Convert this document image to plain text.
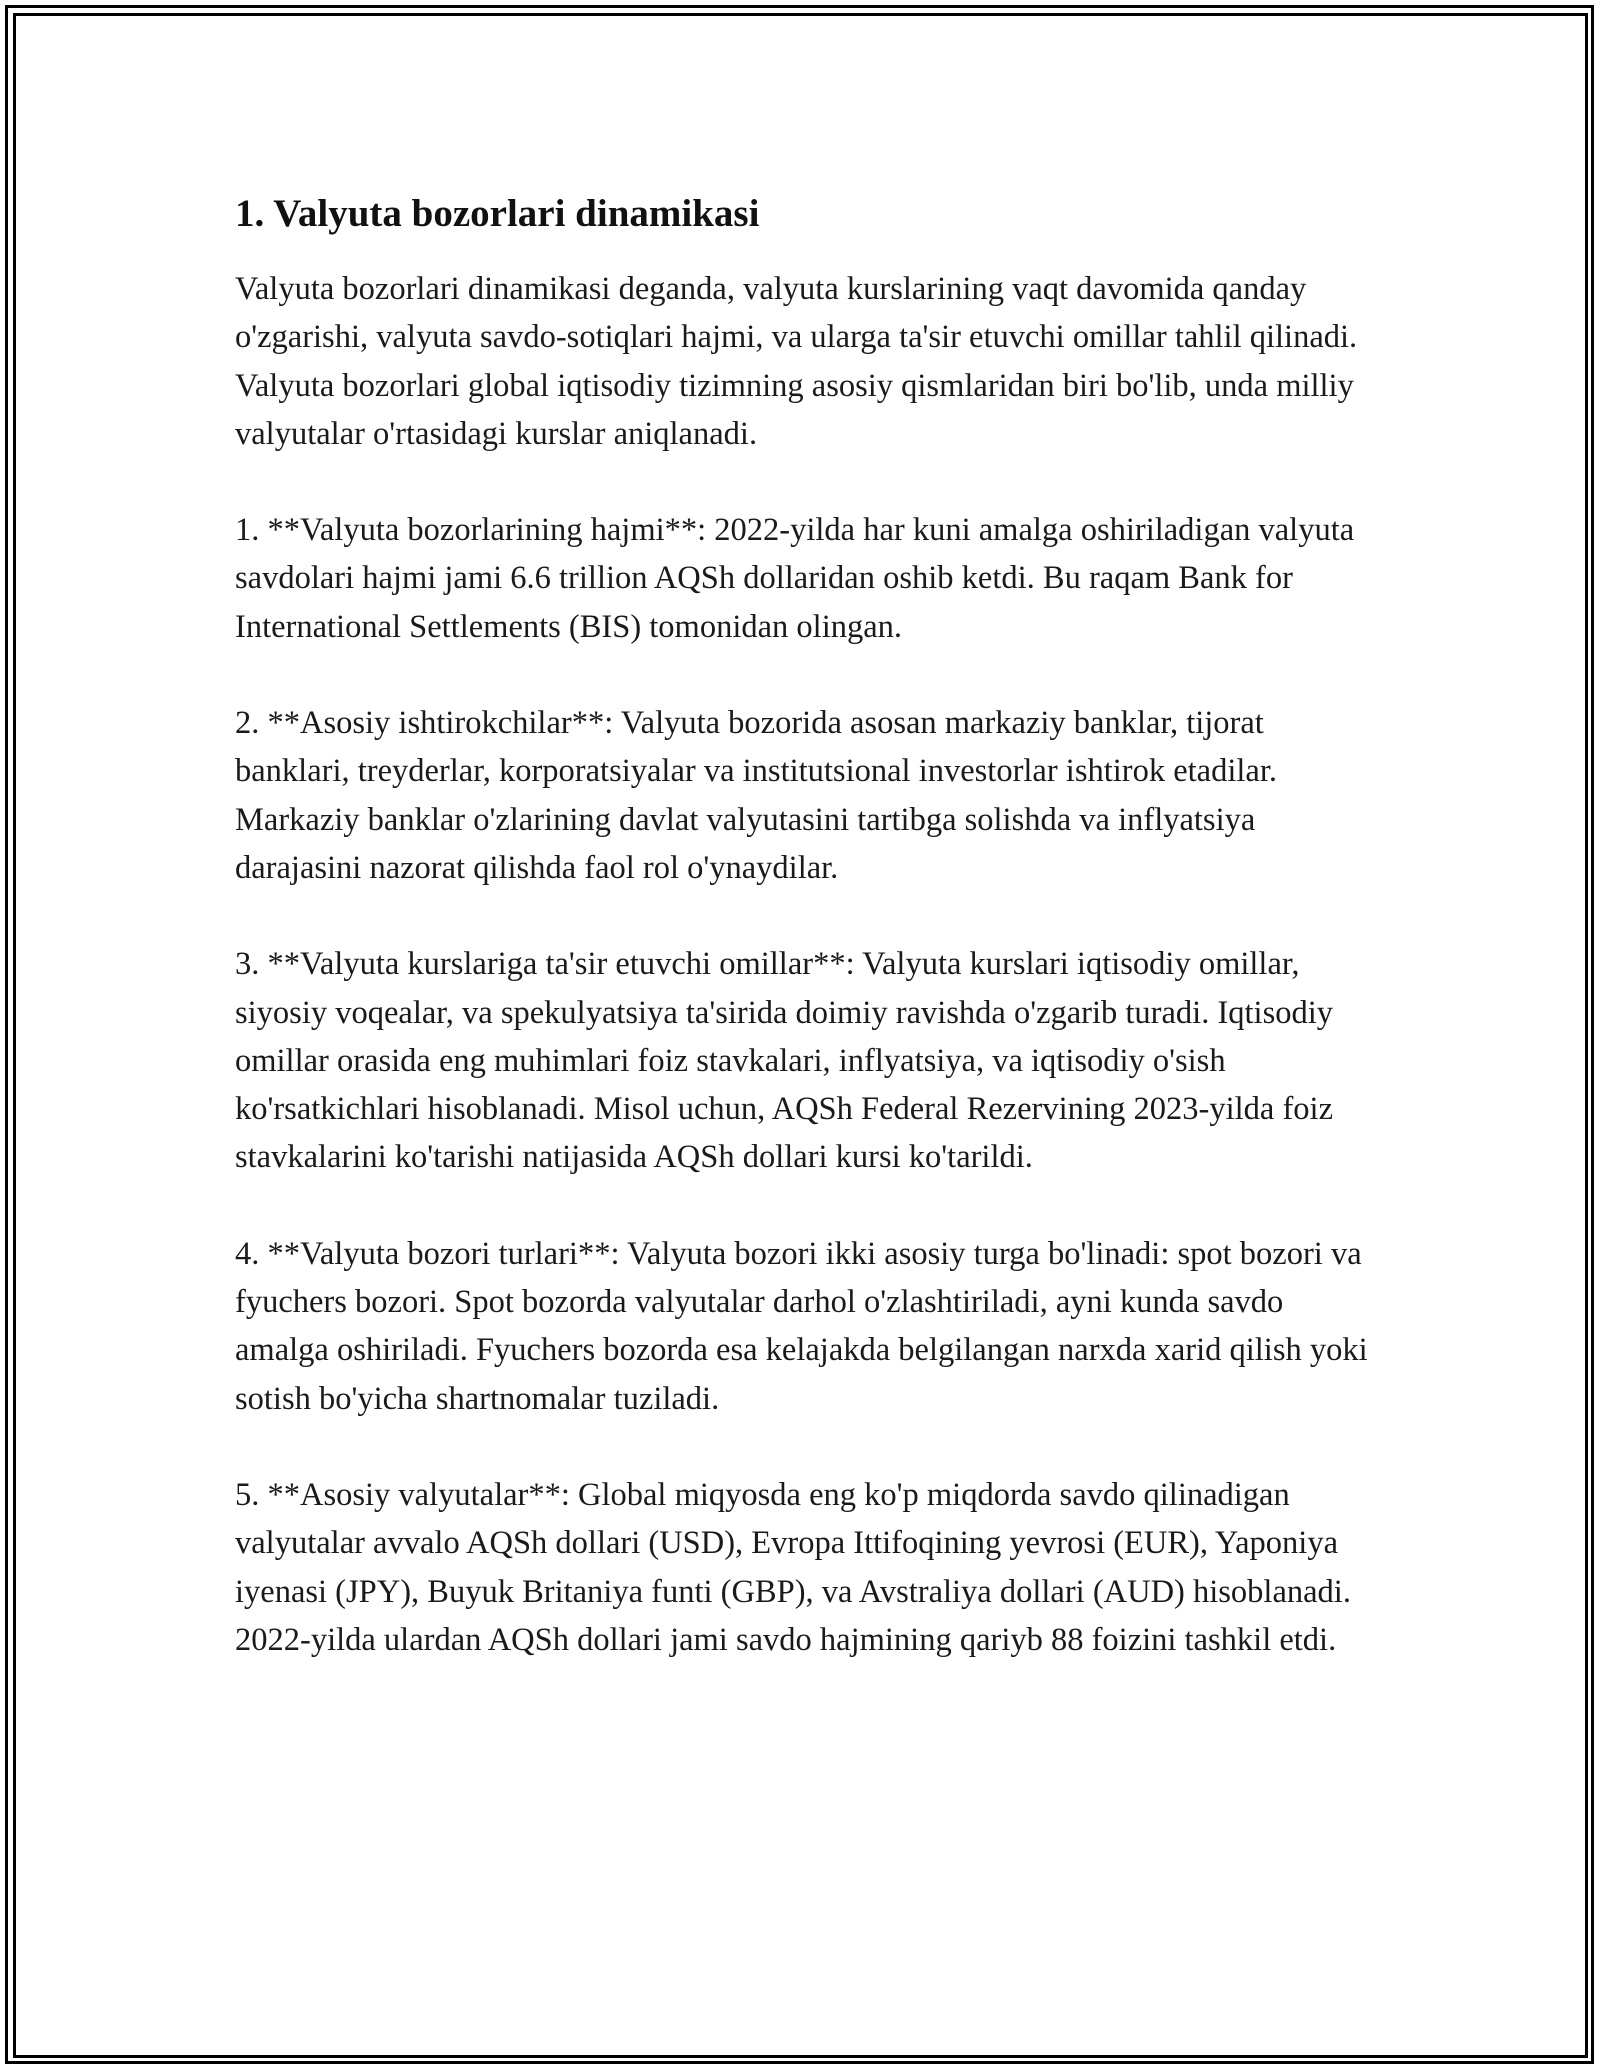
1. Valyuta bozorlari dinamikasi

Valyuta bozorlari dinamikasi deganda, valyuta kurslarining vaqt davomida qanday o'zgarishi, valyuta savdo-sotiqlari hajmi, va ularga ta'sir etuvchi omillar tahlil qilinadi. Valyuta bozorlari global iqtisodiy tizimning asosiy qismlaridan biri bo'lib, unda milliy valyutalar o'rtasidagi kurslar aniqlanadi.

1. **Valyuta bozorlarining hajmi**: 2022-yilda har kuni amalga oshiriladigan valyuta savdolari hajmi jami 6.6 trillion AQSh dollaridan oshib ketdi. Bu raqam Bank for International Settlements (BIS) tomonidan olingan.

2. **Asosiy ishtirokchilar**: Valyuta bozorida asosan markaziy banklar, tijorat banklari, treyderlar, korporatsiyalar va institutsional investorlar ishtirok etadilar. Markaziy banklar o'zlarining davlat valyutasini tartibga solishda va inflyatsiya darajasini nazorat qilishda faol rol o'ynaydilar.

3. **Valyuta kurslariga ta'sir etuvchi omillar**: Valyuta kurslari iqtisodiy omillar, siyosiy voqealar, va spekulyatsiya ta'sirida doimiy ravishda o'zgarib turadi. Iqtisodiy omillar orasida eng muhimlari foiz stavkalari, inflyatsiya, va iqtisodiy o'sish ko'rsatkichlari hisoblanadi. Misol uchun, AQSh Federal Rezervining 2023-yilda foiz stavkalarini ko'tarishi natijasida AQSh dollari kursi ko'tarildi.

4. **Valyuta bozori turlari**: Valyuta bozori ikki asosiy turga bo'linadi: spot bozori va fyuchers bozori. Spot bozorda valyutalar darhol o'zlashtiriladi, ayni kunda savdo amalga oshiriladi. Fyuchers bozorda esa kelajakda belgilangan narxda xarid qilish yoki sotish bo'yicha shartnomalar tuziladi.

5. **Asosiy valyutalar**: Global miqyosda eng ko'p miqdorda savdo qilinadigan valyutalar avvalo AQSh dollari (USD), Evropa Ittifoqining yevrosi (EUR), Yaponiya iyenasi (JPY), Buyuk Britaniya funti (GBP), va Avstraliya dollari (AUD) hisoblanadi. 2022-yilda ulardan AQSh dollari jami savdo hajmining qariyb 88 foizini tashkil etdi.
